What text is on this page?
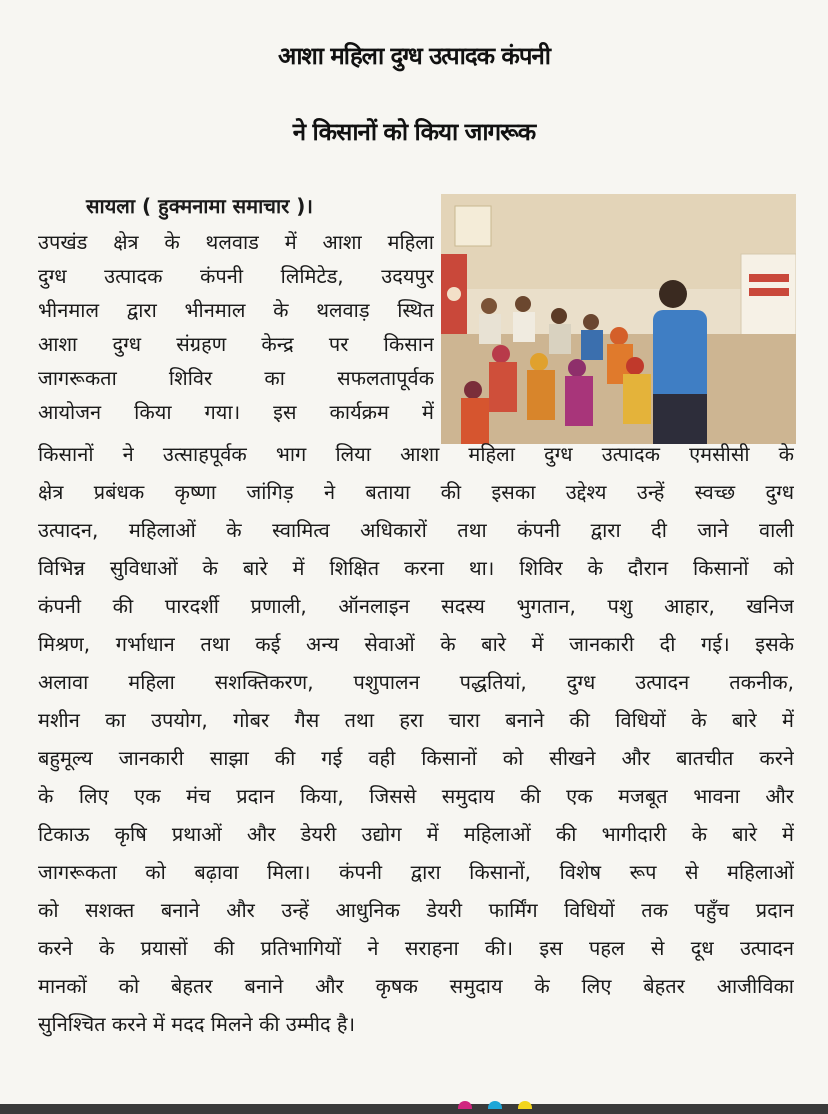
आशा महिला दुग्ध उत्पादक कंपनी
ने किसानों को किया जागरूक
सायला ( हुक्मनामा समाचार )।
उपखंड क्षेत्र के थलवाड में आशा महिला
दुग्ध उत्पादक कंपनी लिमिटेड, उदयपुर
भीनमाल द्वारा भीनमाल के थलवाड़ स्थित
आशा दुग्ध संग्रहण केन्द्र पर किसान
जागरूकता शिविर का सफलतापूर्वक
आयोजन किया गया। इस कार्यक्रम में
किसानों ने उत्साहपूर्वक भाग लिया आशा महिला दुग्ध उत्पादक एमसीसी के
क्षेत्र प्रबंधक कृष्णा जांगिड़ ने बताया की इसका उद्देश्य उन्हें स्वच्छ दुग्ध
उत्पादन, महिलाओं के स्वामित्व अधिकारों तथा कंपनी द्वारा दी जाने वाली
विभिन्न सुविधाओं के बारे में शिक्षित करना था। शिविर के दौरान किसानों को
कंपनी की पारदर्शी प्रणाली, ऑनलाइन सदस्य भुगतान, पशु आहार, खनिज
मिश्रण, गर्भाधान तथा कई अन्य सेवाओं के बारे में जानकारी दी गई। इसके
अलावा महिला सशक्तिकरण, पशुपालन पद्धतियां, दुग्ध उत्पादन तकनीक,
मशीन का उपयोग, गोबर गैस तथा हरा चारा बनाने की विधियों के बारे में
बहुमूल्य जानकारी साझा की गई वही किसानों को सीखने और बातचीत करने
के लिए एक मंच प्रदान किया, जिससे समुदाय की एक मजबूत भावना और
टिकाऊ कृषि प्रथाओं और डेयरी उद्योग में महिलाओं की भागीदारी के बारे में
जागरूकता को बढ़ावा मिला। कंपनी द्वारा किसानों, विशेष रूप से महिलाओं
को सशक्त बनाने और उन्हें आधुनिक डेयरी फार्मिंग विधियों तक पहुँच प्रदान
करने के प्रयासों की प्रतिभागियों ने सराहना की। इस पहल से दूध उत्पादन
मानकों को बेहतर बनाने और कृषक समुदाय के लिए बेहतर आजीविका
सुनिश्चित करने में मदद मिलने की उम्मीद है।
